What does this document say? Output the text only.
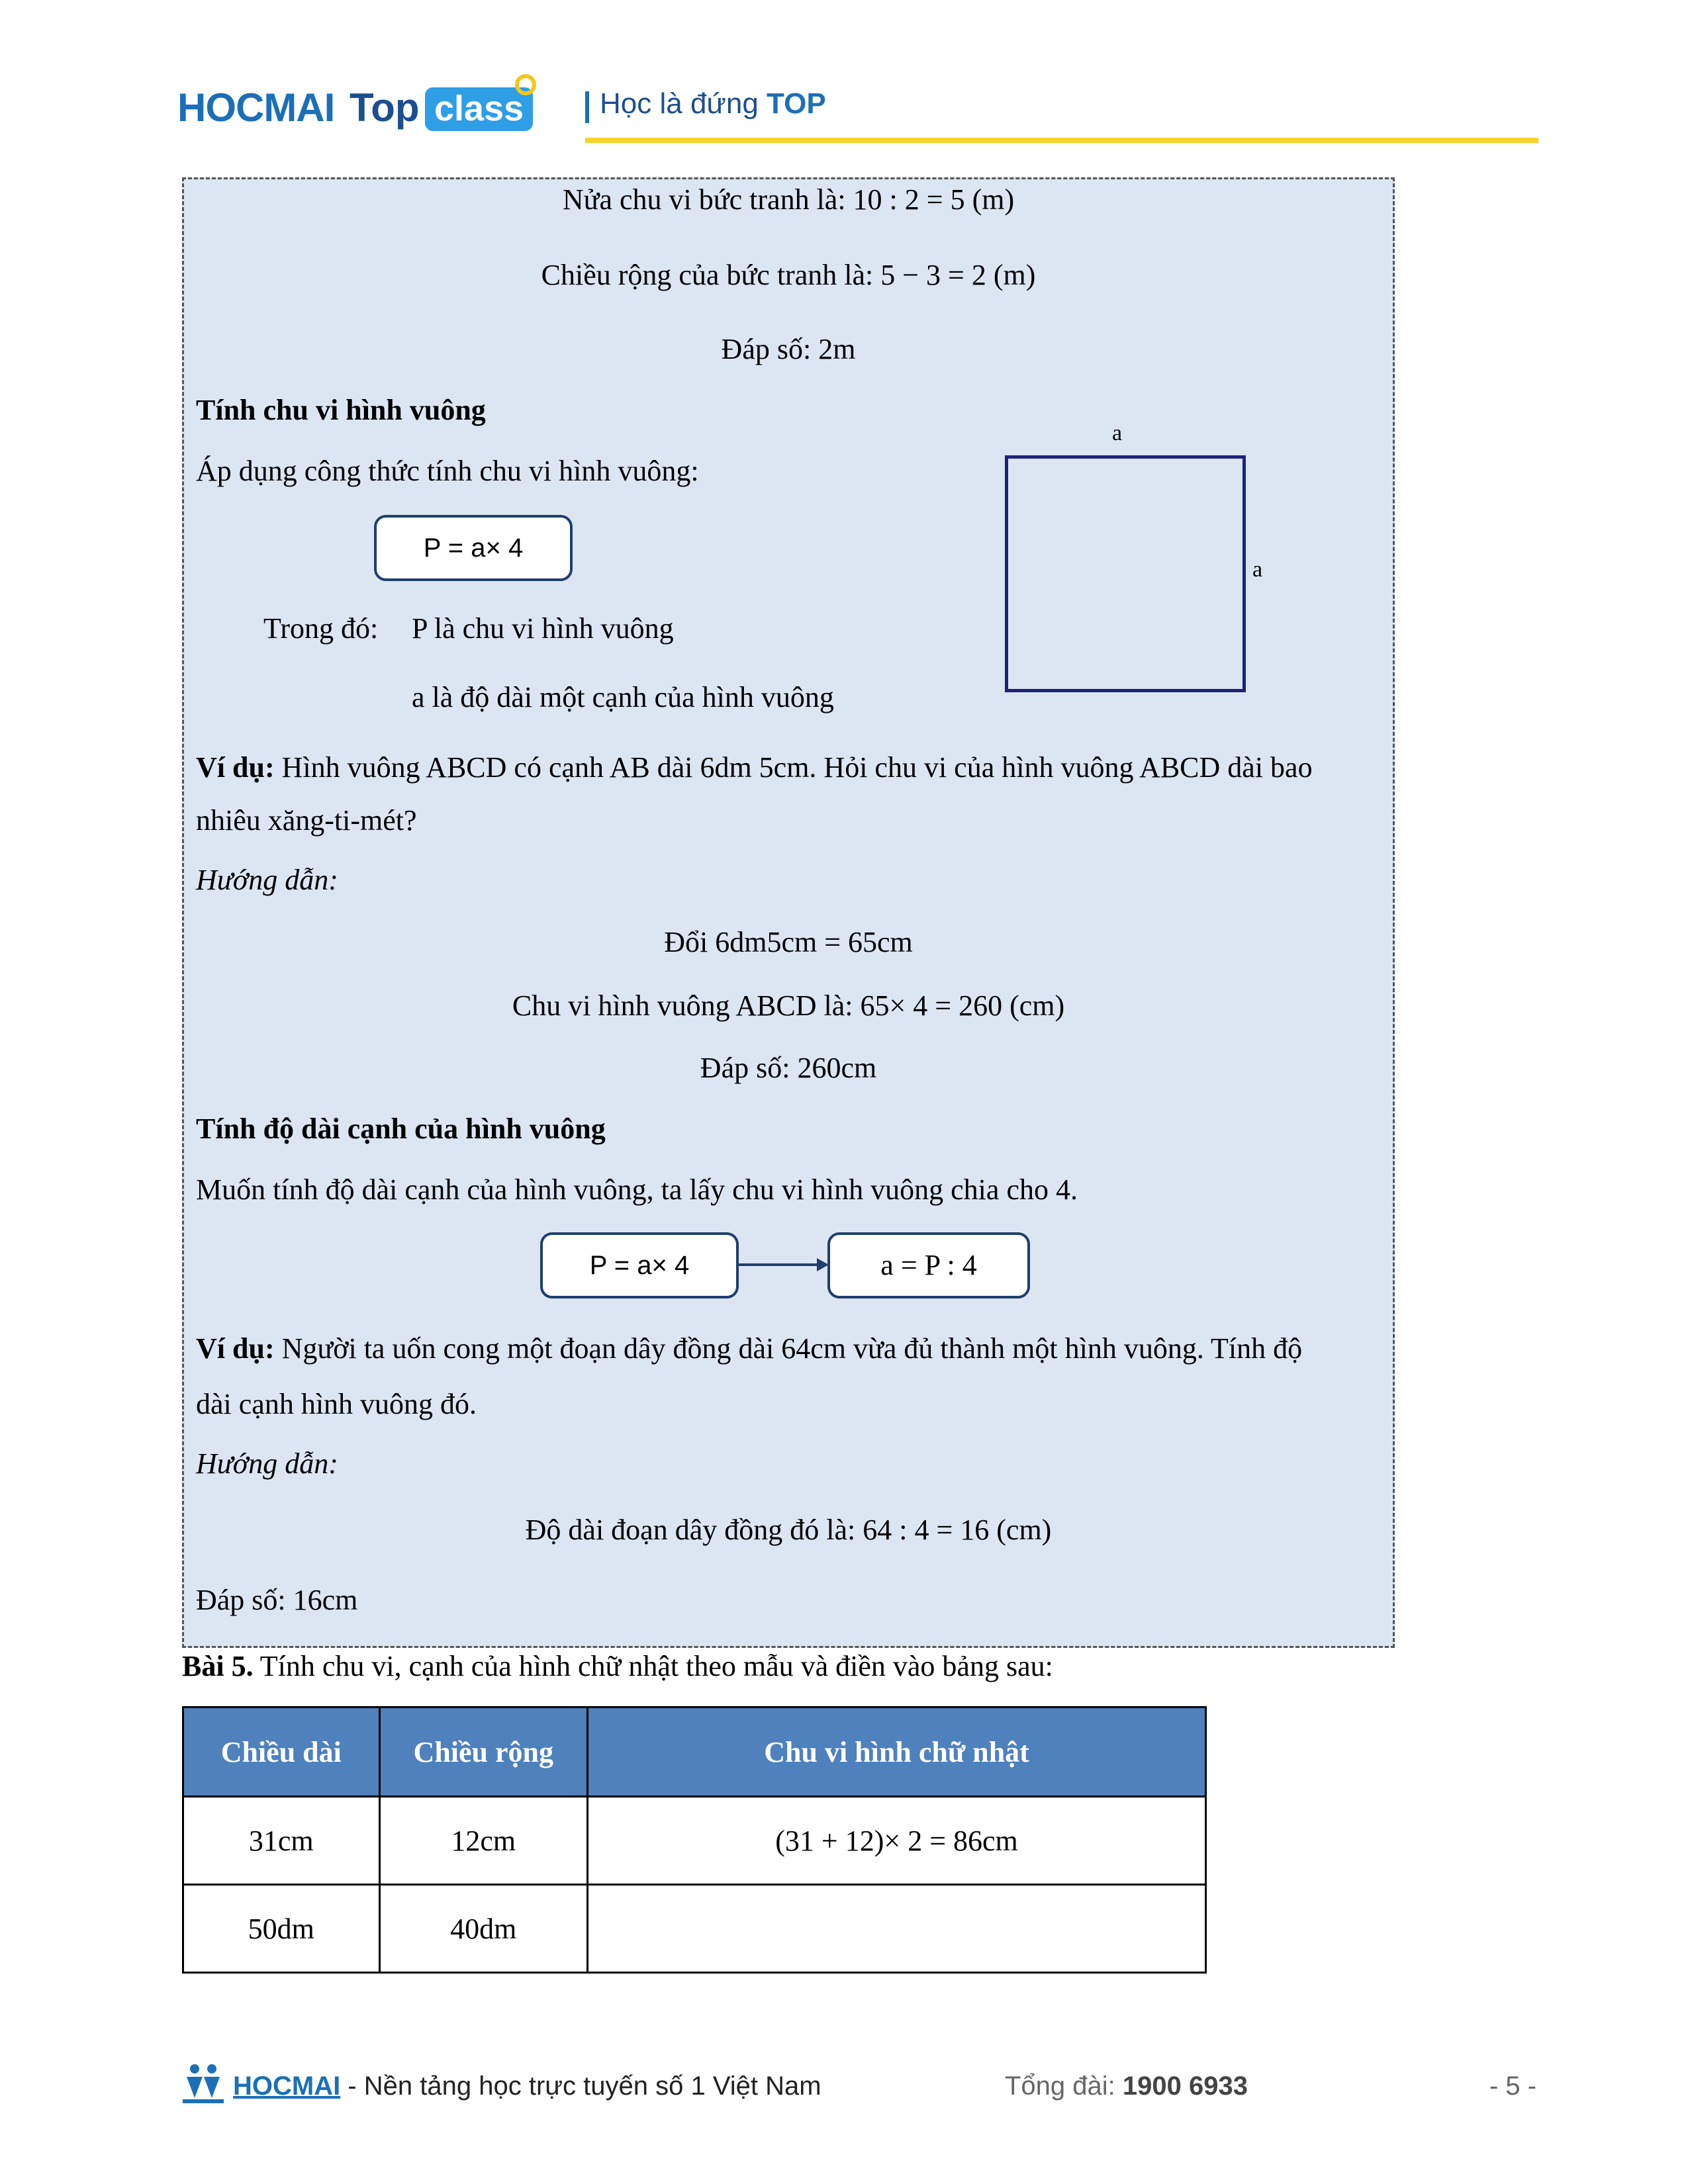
HOCMAI Top class	Học là đứng TOP
Nửa chu vi bức tranh là: 10 : 2 = 5 (m)
Chiều rộng của bức tranh là: 5 − 3 = 2 (m)
Đáp số: 2m
Tính chu vi hình vuông
Áp dụng công thức tính chu vi hình vuông:
P = a× 4
Trong đó: P là chu vi hình vuông
a là độ dài một cạnh của hình vuông
a
a
Ví dụ: Hình vuông ABCD có cạnh AB dài 6dm 5cm. Hỏi chu vi của hình vuông ABCD dài bao
nhiêu xăng-ti-mét?
Hướng dẫn:
Đổi 6dm5cm = 65cm
Chu vi hình vuông ABCD là: 65× 4 = 260 (cm)
Đáp số: 260cm
Tính độ dài cạnh của hình vuông
Muốn tính độ dài cạnh của hình vuông, ta lấy chu vi hình vuông chia cho 4.
P = a× 4	a = P : 4
Ví dụ: Người ta uốn cong một đoạn dây đồng dài 64cm vừa đủ thành một hình vuông. Tính độ
dài cạnh hình vuông đó.
Hướng dẫn:
Độ dài đoạn dây đồng đó là: 64 : 4 = 16 (cm)
Đáp số: 16cm
Bài 5. Tính chu vi, cạnh của hình chữ nhật theo mẫu và điền vào bảng sau:
Chiều dài	Chiều rộng	Chu vi hình chữ nhật
31cm	12cm	(31 + 12)× 2 = 86cm
50dm	40dm	
HOCMAI - Nền tảng học trực tuyến số 1 Việt Nam	Tổng đài: 1900 6933	- 5 -
